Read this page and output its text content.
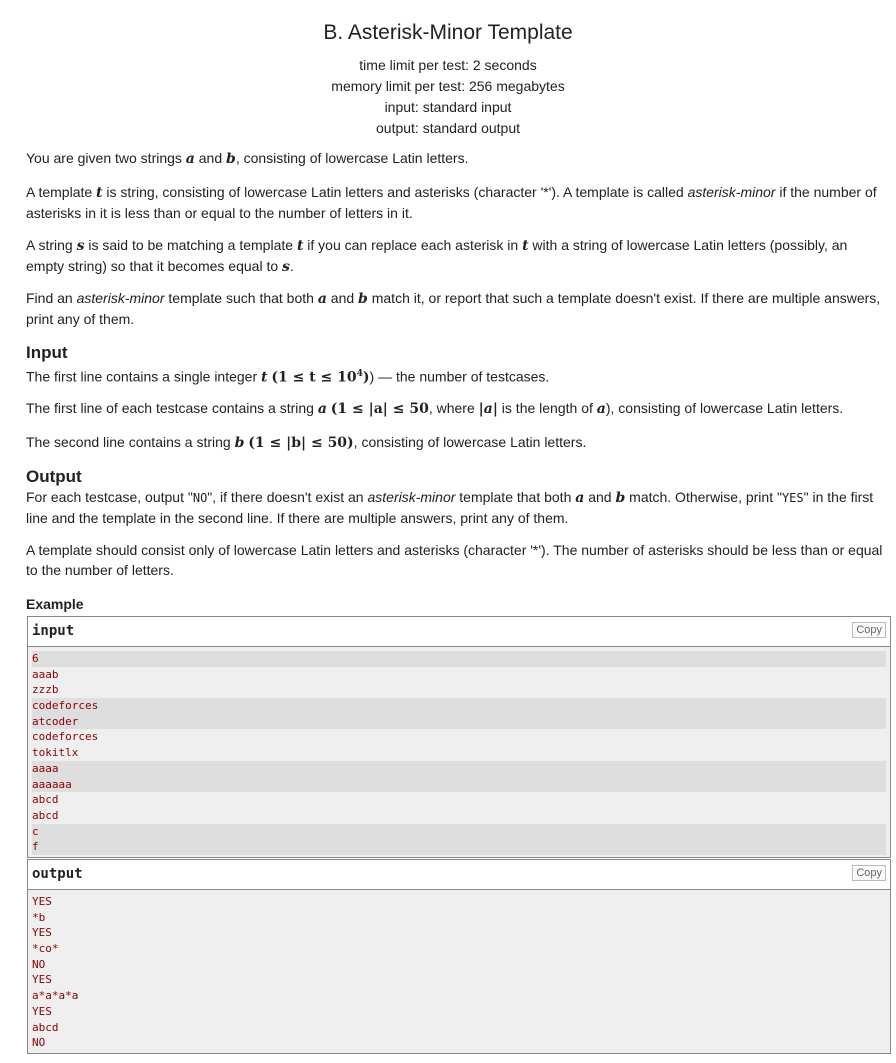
B. Asterisk-Minor Template
time limit per test: 2 seconds
memory limit per test: 256 megabytes
input: standard input
output: standard output
You are given two strings a and b, consisting of lowercase Latin letters.
A template t is string, consisting of lowercase Latin letters and asterisks (character '*'). A template is called asterisk-minor if the number of asterisks in it is less than or equal to the number of letters in it.
A string s is said to be matching a template t if you can replace each asterisk in t with a string of lowercase Latin letters (possibly, an empty string) so that it becomes equal to s.
Find an asterisk-minor template such that both a and b match it, or report that such a template doesn't exist. If there are multiple answers, print any of them.
Input
The first line contains a single integer t $(1 \le t \le 10^4)$) — the number of testcases.
The first line of each testcase contains a string a (1 ≤ |a| ≤ 50, where |a| is the length of a), consisting of lowercase Latin letters.
The second line contains a string b (1 ≤ |b| ≤ 50), consisting of lowercase Latin letters.
Output
For each testcase, output "NO", if there doesn't exist an asterisk-minor template that both a and b match. Otherwise, print "YES" in the first line and the template in the second line. If there are multiple answers, print any of them.
A template should consist only of lowercase Latin letters and asterisks (character '*'). The number of asterisks should be less than or equal to the number of letters.
Example
input	Copy
6
aaab
zzzb
codeforces
atcoder
codeforces
tokitlx
aaaa
aaaaaa
abcd
abcd
c
f
output	Copy
YES
*b
YES
*co*
NO
YES
a*a*a*a
YES
abcd
NO
